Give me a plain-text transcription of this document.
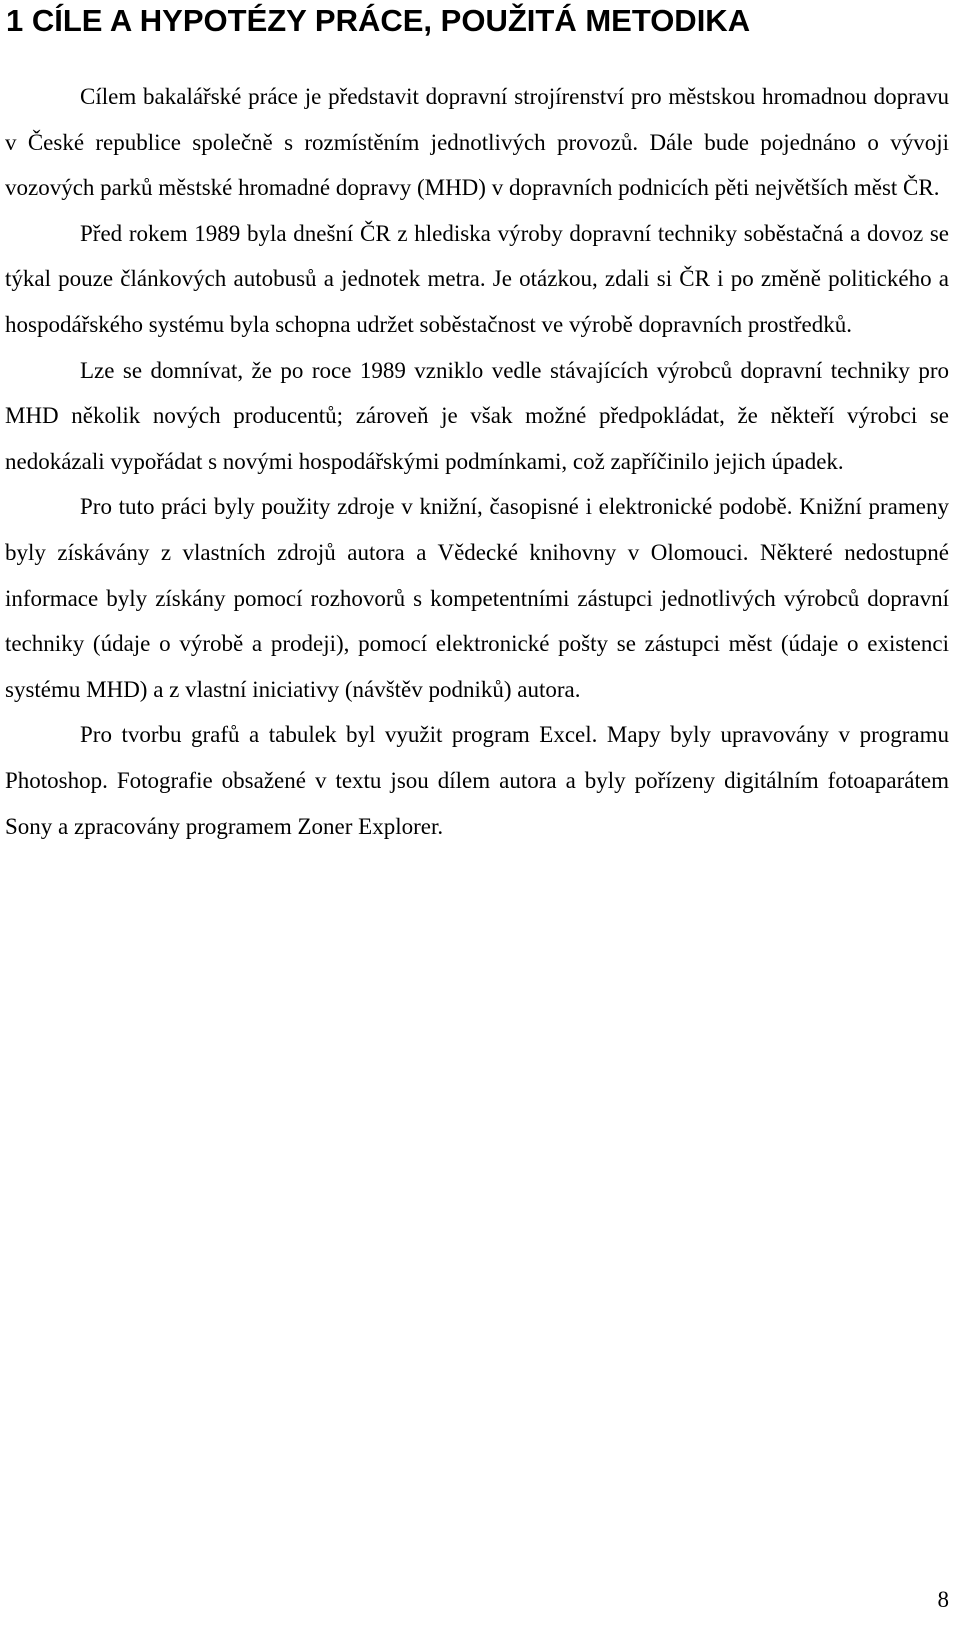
1 CÍLE A HYPOTÉZY PRÁCE, POUŽITÁ METODIKA

Cílem bakalářské práce je představit dopravní strojírenství pro městskou hromadnou dopravu v České republice společně s rozmístěním jednotlivých provozů. Dále bude pojednáno o vývoji vozových parků městské hromadné dopravy (MHD) v dopravních podnicích pěti největších měst ČR.

Před rokem 1989 byla dnešní ČR z hlediska výroby dopravní techniky soběstačná a dovoz se týkal pouze článkových autobusů a jednotek metra. Je otázkou, zdali si ČR i po změně politického a hospodářského systému byla schopna udržet soběstačnost ve výrobě dopravních prostředků.

Lze se domnívat, že po roce 1989 vzniklo vedle stávajících výrobců dopravní techniky pro MHD několik nových producentů; zároveň je však možné předpokládat, že někteří výrobci se nedokázali vypořádat s novými hospodářskými podmínkami, což zapříčinilo jejich úpadek.

Pro tuto práci byly použity zdroje v knižní, časopisné i elektronické podobě. Knižní prameny byly získávány z vlastních zdrojů autora a Vědecké knihovny v Olomouci. Některé nedostupné informace byly získány pomocí rozhovorů s kompetentními zástupci jednotlivých výrobců dopravní techniky (údaje o výrobě a prodeji), pomocí elektronické pošty se zástupci měst (údaje o existenci systému MHD) a z vlastní iniciativy (návštěv podniků) autora.

Pro tvorbu grafů a tabulek byl využit program Excel. Mapy byly upravovány v programu Photoshop. Fotografie obsažené v textu jsou dílem autora a byly pořízeny digitálním fotoaparátem Sony a zpracovány programem Zoner Explorer.

8
